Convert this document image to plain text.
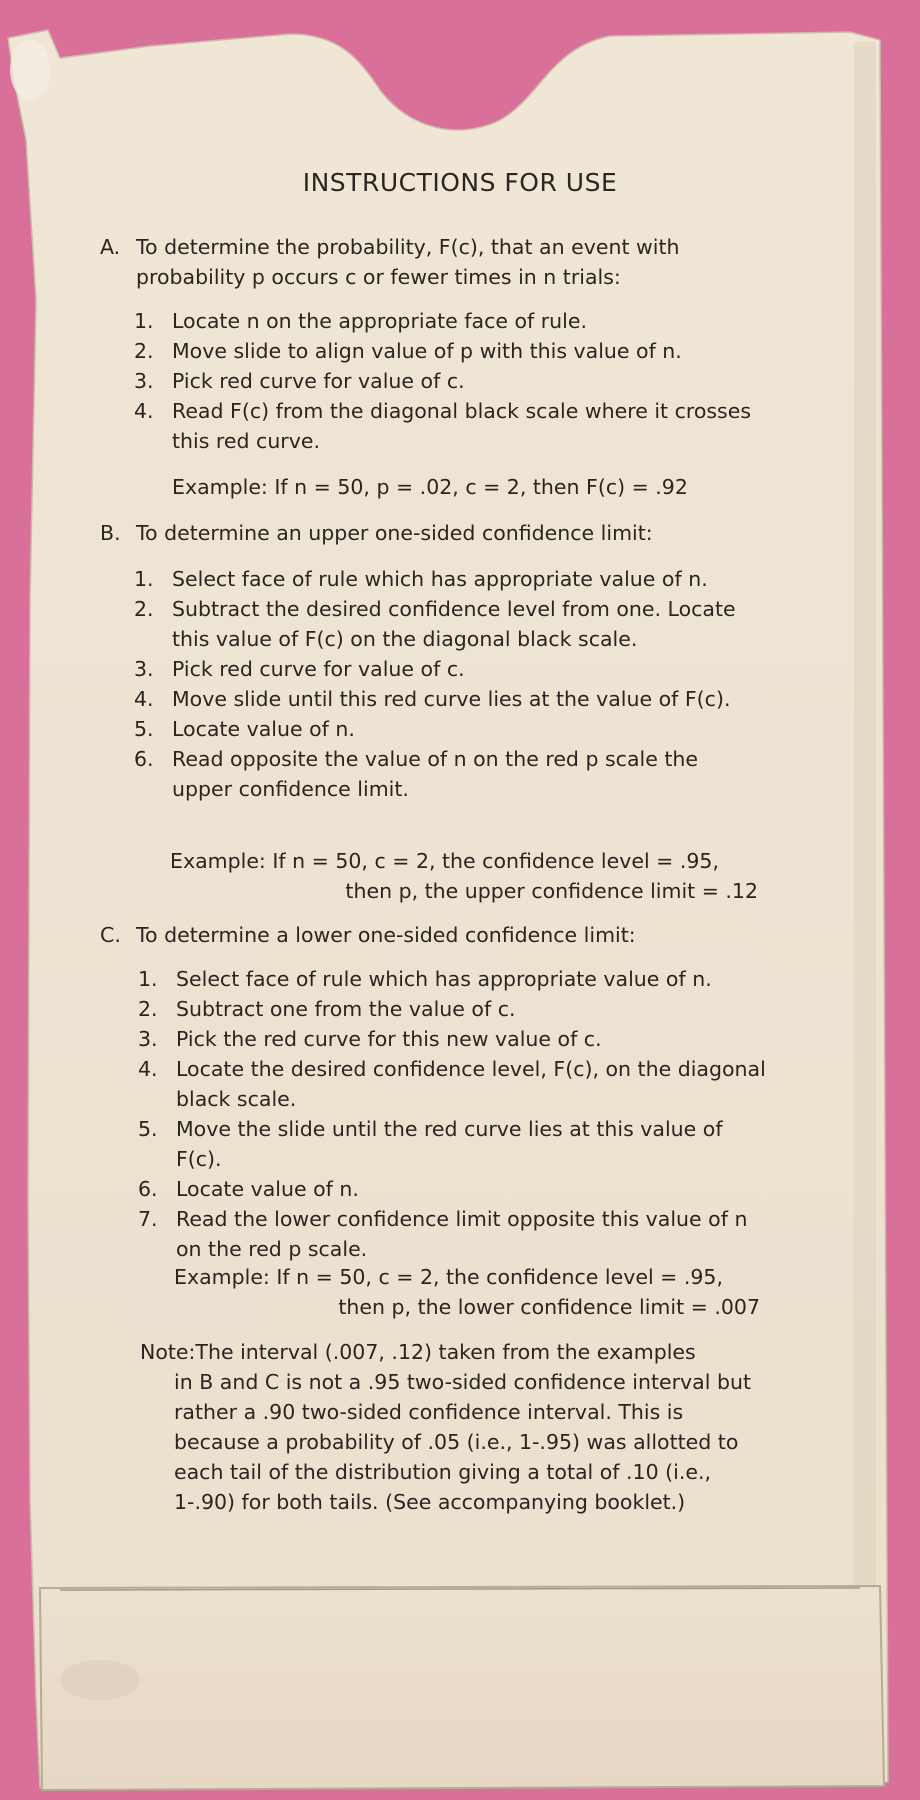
INSTRUCTIONS FOR USE
A. To determine the probability, F(c), that an event with probability p occurs c or fewer times in n trials:
1. Locate n on the appropriate face of rule.
2. Move slide to align value of p with this value of n.
3. Pick red curve for value of c.
4. Read F(c) from the diagonal black scale where it crosses this red curve.
Example: If n = 50, p = .02, c = 2, then F(c) = .92
B. To determine an upper one-sided confidence limit:
1. Select face of rule which has appropriate value of n.
2. Subtract the desired confidence level from one. Locate this value of F(c) on the diagonal black scale.
3. Pick red curve for value of c.
4. Move slide until this red curve lies at the value of F(c).
5. Locate value of n.
6. Read opposite the value of n on the red p scale the upper confidence limit.
Example: If n = 50, c = 2, the confidence level = .95,
then p, the upper confidence limit = .12
C. To determine a lower one-sided confidence limit:
1. Select face of rule which has appropriate value of n.
2. Subtract one from the value of c.
3. Pick the red curve for this new value of c.
4. Locate the desired confidence level, F(c), on the diagonal black scale.
5. Move the slide until the red curve lies at this value of F(c).
6. Locate value of n.
7. Read the lower confidence limit opposite this value of n on the red p scale.
Example: If n = 50, c = 2, the confidence level = .95,
then p, the lower confidence limit = .007
Note:The interval (.007, .12) taken from the examples
in B and C is not a .95 two-sided confidence interval but rather a .90 two-sided confidence interval. This is because a probability of .05 (i.e., 1-.95) was allotted to each tail of the distribution giving a total of .10 (i.e., 1-.90) for both tails. (See accompanying booklet.)
